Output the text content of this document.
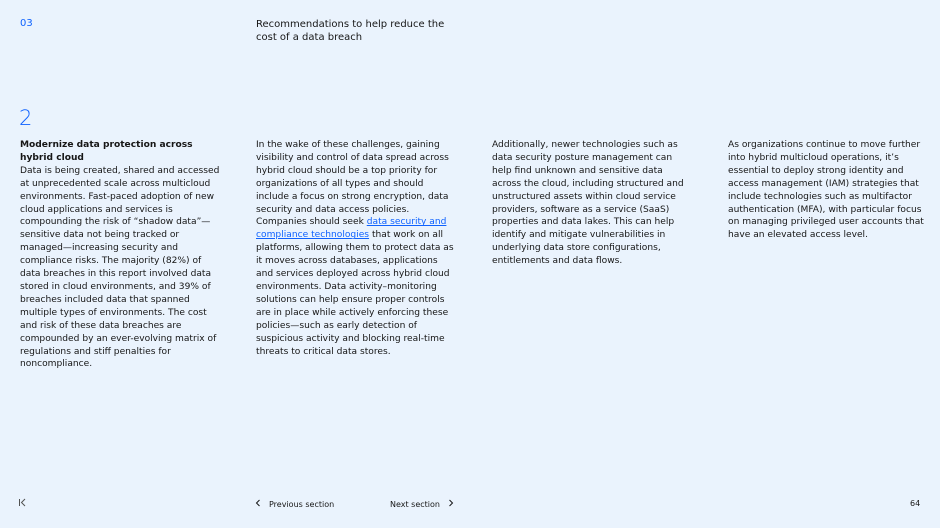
03	Recommendations to help reduce the cost of a data breach
2

Modernize data protection across hybrid cloud

Data is being created, shared and accessed at unprecedented scale across multicloud environments. Fast-paced adoption of new cloud applications and services is compounding the risk of “shadow data”—sensitive data not being tracked or managed—increasing security and compliance risks. The majority (82%) of data breaches in this report involved data stored in cloud environments, and 39% of breaches included data that spanned multiple types of environments. The cost and risk of these data breaches are compounded by an ever-evolving matrix of regulations and stiff penalties for noncompliance.

In the wake of these challenges, gaining visibility and control of data spread across hybrid cloud should be a top priority for organizations of all types and should include a focus on strong encryption, data security and data access policies. Companies should seek data security and compliance technologies that work on all platforms, allowing them to protect data as it moves across databases, applications and services deployed across hybrid cloud environments. Data activity–monitoring solutions can help ensure proper controls are in place while actively enforcing these policies—such as early detection of suspicious activity and blocking real-time threats to critical data stores.

Additionally, newer technologies such as data security posture management can help find unknown and sensitive data across the cloud, including structured and unstructured assets within cloud service providers, software as a service (SaaS) properties and data lakes. This can help identify and mitigate vulnerabilities in underlying data store configurations, entitlements and data flows.

As organizations continue to move further into hybrid multicloud operations, it’s essential to deploy strong identity and access management (IAM) strategies that include technologies such as multifactor authentication (MFA), with particular focus on managing privileged user accounts that have an elevated access level.

Previous section	Next section	64
